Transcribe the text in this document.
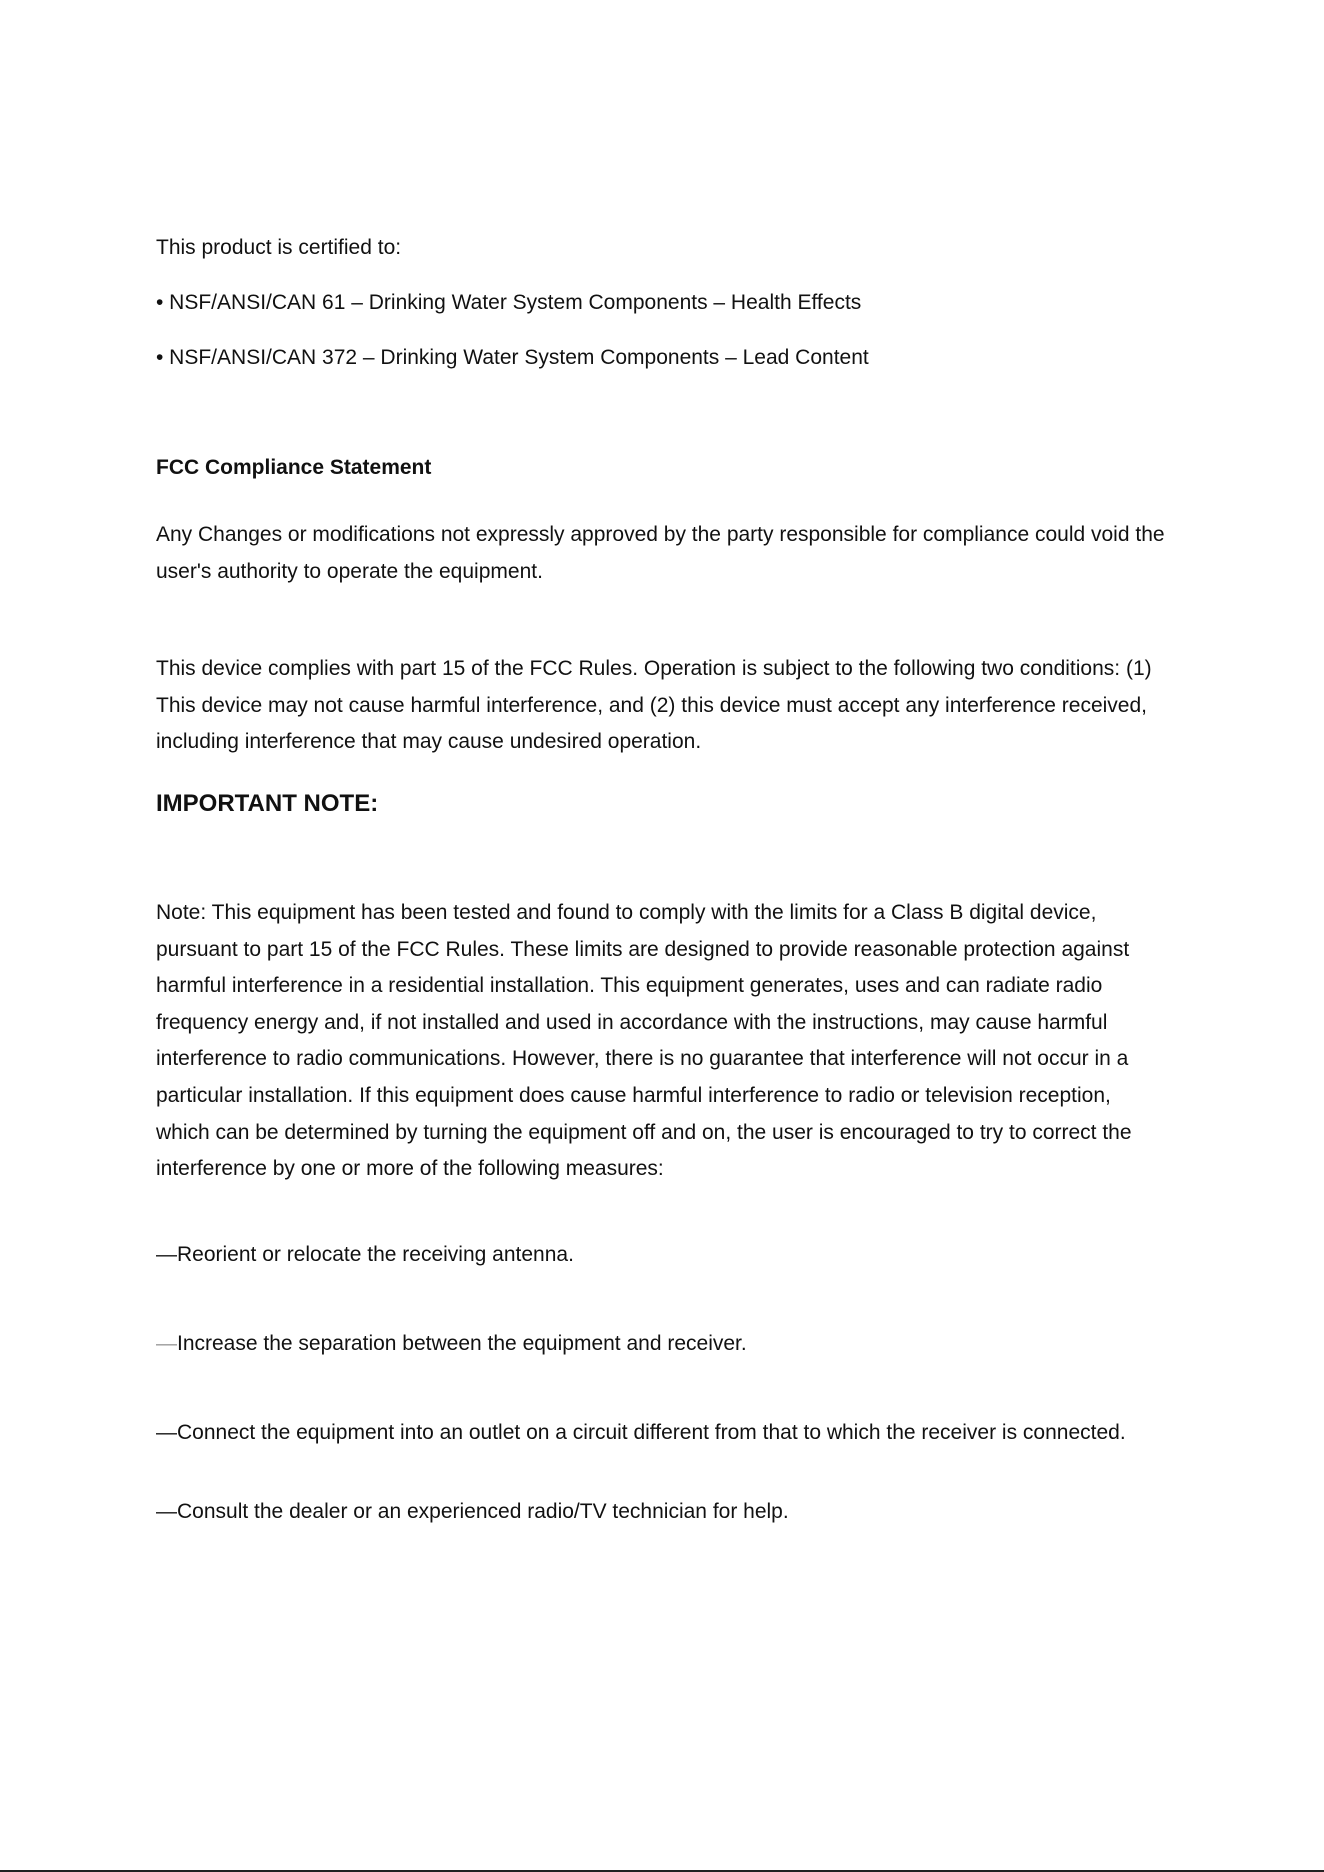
This product is certified to:

• NSF/ANSI/CAN 61 – Drinking Water System Components – Health Effects

• NSF/ANSI/CAN 372 – Drinking Water System Components – Lead Content

FCC Compliance Statement

Any Changes or modifications not expressly approved by the party responsible for compliance could void the user's authority to operate the equipment.

This device complies with part 15 of the FCC Rules. Operation is subject to the following two conditions: (1) This device may not cause harmful interference, and (2) this device must accept any interference received, including interference that may cause undesired operation.

IMPORTANT NOTE:

Note: This equipment has been tested and found to comply with the limits for a Class B digital device, pursuant to part 15 of the FCC Rules. These limits are designed to provide reasonable protection against harmful interference in a residential installation. This equipment generates, uses and can radiate radio frequency energy and, if not installed and used in accordance with the instructions, may cause harmful interference to radio communications. However, there is no guarantee that interference will not occur in a particular installation. If this equipment does cause harmful interference to radio or television reception, which can be determined by turning the equipment off and on, the user is encouraged to try to correct the interference by one or more of the following measures:

—Reorient or relocate the receiving antenna.

—Increase the separation between the equipment and receiver.

—Connect the equipment into an outlet on a circuit different from that to which the receiver is connected.

—Consult the dealer or an experienced radio/TV technician for help.
